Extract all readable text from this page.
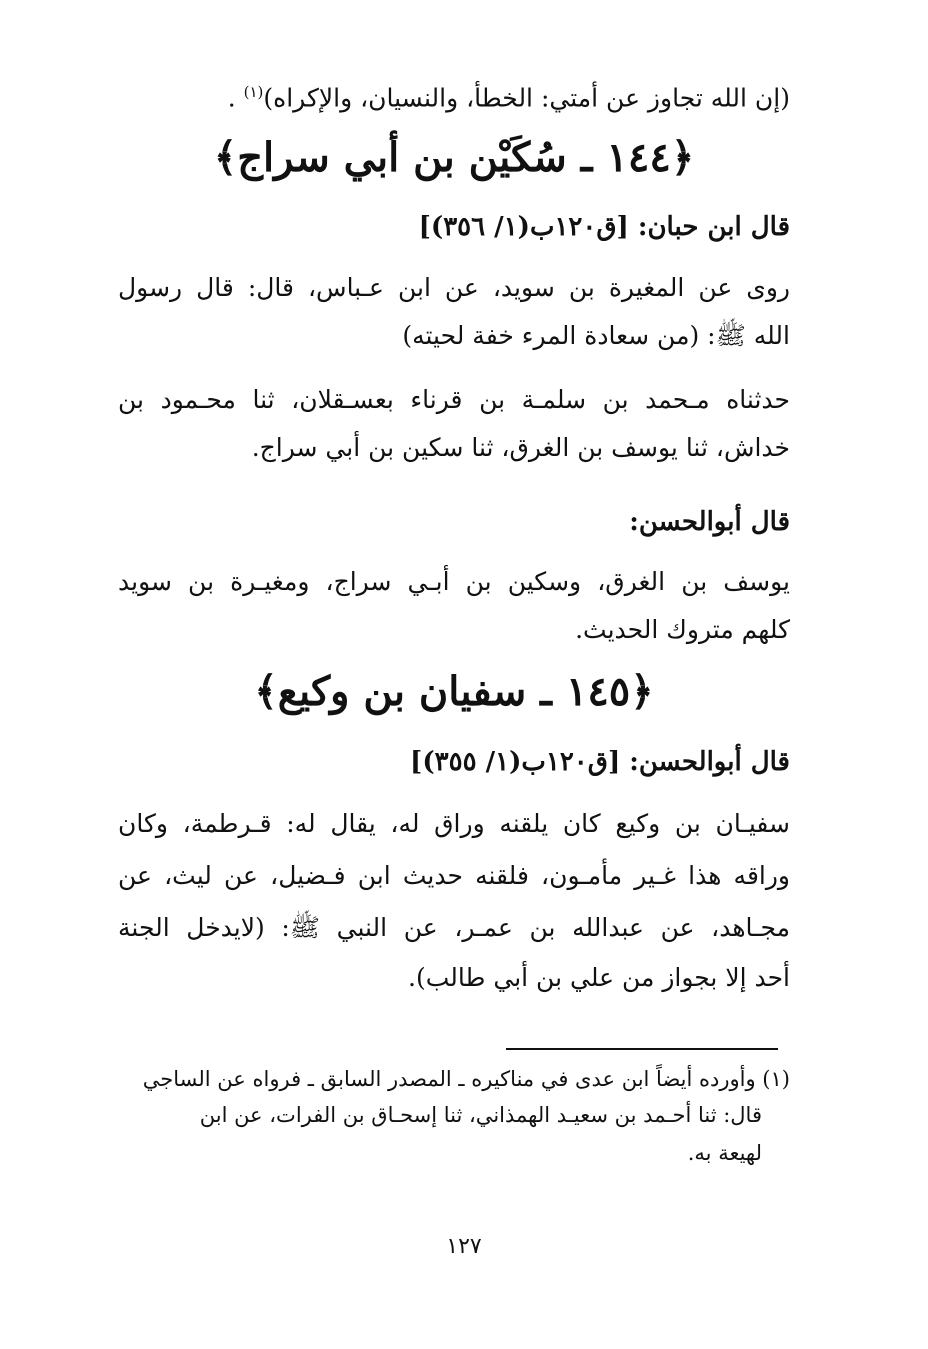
(إن الله تجاوز عن أمتي: الخطأ، والنسيان، والإكراه)$^{(١)}$ .
﴿١٤٤ ـ سُكَيْن بن أبي سراج﴾
قال ابن حبان: [ق١٢٠ب(١/ ٣٥٦)]
روى عن المغيرة بن سويد، عن ابن عـباس، قال: قال رسول
الله ﷺ: (من سعادة المرء خفة لحيته)
حدثناه مـحمد بن سلمـة بن قرناء بعسـقلان، ثنا محـمود بن
خداش، ثنا يوسف بن الغرق، ثنا سكين بن أبي سراج.
قال أبوالحسن:
يوسف بن الغرق، وسكين بن أبـي سراج، ومغيـرة بن سويد
كلهم متروك الحديث.
﴿١٤٥ ـ سفيان بن وكيع﴾
قال أبوالحسن: [ق١٢٠ب(١/ ٣٥٥)]
سفيـان بن وكيع كان يلقنه وراق له، يقال له: قـرطمة، وكان
وراقه هذا غـير مأمـون، فلقنه حديث ابن فـضيل، عن ليث، عن
مجـاهد، عن عبدالله بن عمـر، عن النبي ﷺ: (لايدخل الجنة
أحد إلا بجواز من علي بن أبي طالب).
(١) وأورده أيضاً ابن عدى في مناكيره ـ المصدر السابق ـ فرواه عن الساجي
قال: ثنا أحـمد بن سعيـد الهمذاني، ثنا إسحـاق بن الفرات، عن ابن
لهيعة به.
١٢٧
